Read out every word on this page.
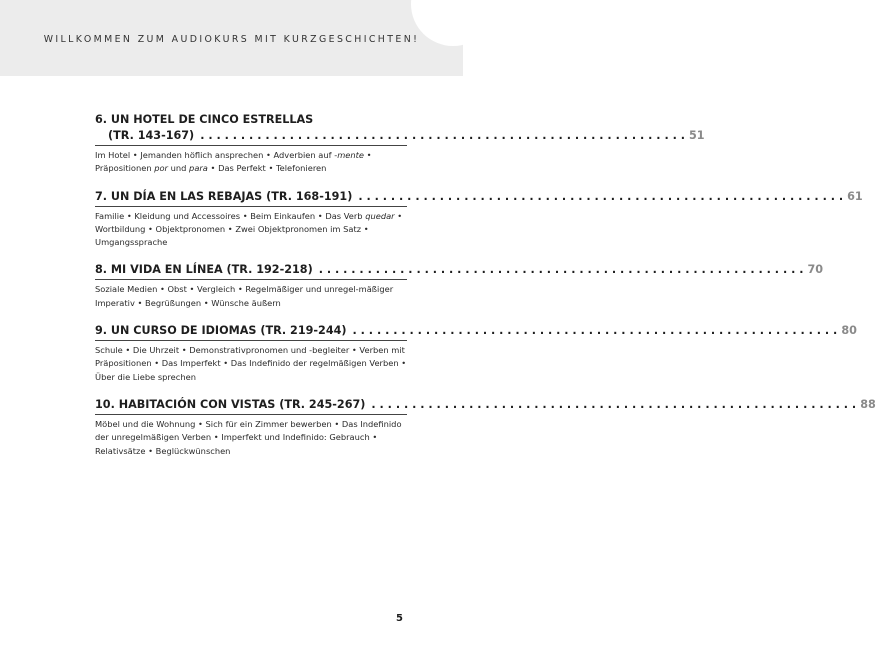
WILLKOMMEN ZUM AUDIOKURS MIT KURZGESCHICHTEN!
6. UN HOTEL DE CINCO ESTRELLAS
(TR. 143-167) . . . . . . . . . . . . . . . . . . . . . . . . . . . . . . . . . . . . . . . . . . . . . . . . . . . . . . . . . . . . 51
Im Hotel • Jemanden höflich ansprechen • Adverbien auf -mente • Präpositionen por und para • Das Perfekt • Telefonieren
7. UN DÍA EN LAS REBAJAS (TR. 168-191) . . . . . . . . . . . . . . . . . . . . . . . . . . . . . . . . . . . . . . . . . . . . . . . . . . . . . . . . . . . . 61
Familie • Kleidung und Accessoires • Beim Einkaufen • Das Verb quedar • Wortbildung • Objektpronomen • Zwei Objektpronomen im Satz • Umgangssprache
8. MI VIDA EN LÍNEA (TR. 192-218) . . . . . . . . . . . . . . . . . . . . . . . . . . . . . . . . . . . . . . . . . . . . . . . . . . . . . . . . . . . . 70
Soziale Medien • Obst • Vergleich • Regelmäßiger und unregel-mäßiger Imperativ • Begrüßungen • Wünsche äußern
9. UN CURSO DE IDIOMAS (TR. 219-244) . . . . . . . . . . . . . . . . . . . . . . . . . . . . . . . . . . . . . . . . . . . . . . . . . . . . . . . . . . . . 80
Schule • Die Uhrzeit • Demonstrativpronomen und -begleiter • Verben mit Präpositionen • Das Imperfekt • Das Indefinido der regelmäßigen Verben • Über die Liebe sprechen
10. HABITACIÓN CON VISTAS (TR. 245-267) . . . . . . . . . . . . . . . . . . . . . . . . . . . . . . . . . . . . . . . . . . . . . . . . . . . . . . . . . . . . 88
Möbel und die Wohnung • Sich für ein Zimmer bewerben • Das Indefinido der unregelmäßigen Verben • Imperfekt und Indefinido: Gebrauch • Relativsätze • Beglückwünschen
5
